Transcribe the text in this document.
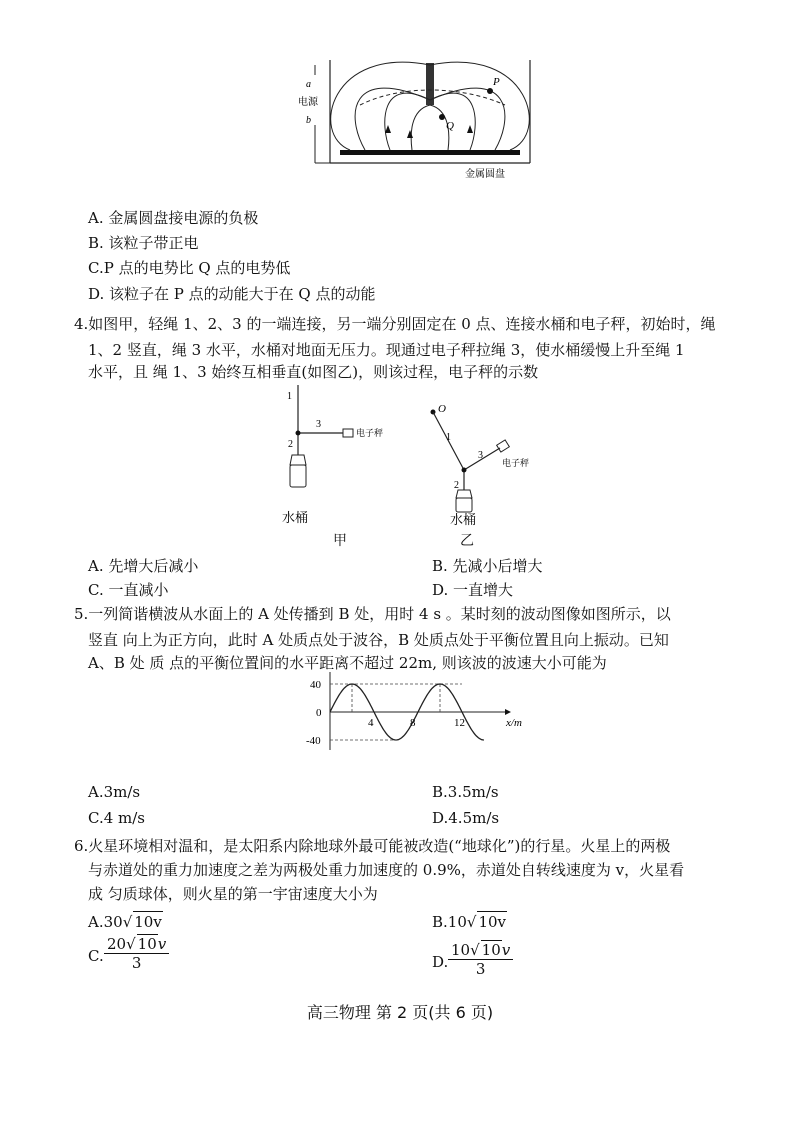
a
电源
b
P
Q
金属圆盘
A. 金属圆盘接电源的负极
B. 该粒子带正电
C.P 点的电势比 Q 点的电势低
D. 该粒子在 P 点的动能大于在 Q 点的动能
4.如图甲，轻绳 1、2、3 的一端连接，另一端分别固定在 0 点、连接水桶和电子秤，初始时，绳
1、2 竖直，绳 3 水平，水桶对地面无压力。现通过电子秤拉绳 3，使水桶缓慢上升至绳 1
水平，且 绳 1、3 始终互相垂直(如图乙)，则该过程，电子秤的示数
1
2
3
电子秤
水桶
甲
O
1
2
3
电子秤
水桶
乙
A. 先增大后减小	B. 先减小后增大
C. 一直减小	D. 一直增大
5.一列简谐横波从水面上的 A 处传播到 B 处，用时 4 s 。某时刻的波动图像如图所示，以
竖直 向上为正方向，此时 A 处质点处于波谷，B 处质点处于平衡位置且向上振动。已知
A、B 处 质 点的平衡位置间的水平距离不超过 22m, 则该波的波速大小可能为
40
0
-40
4	8	12	x/m
A.3m/s	B.3.5m/s
C.4 m/s	D.4.5m/s
6.火星环境相对温和，是太阳系内除地球外最可能被改造(“地球化”)的行星。火星上的两极
与赤道处的重力加速度之差为两极处重力加速度的 0.9%，赤道处自转线速度为 v，火星看
成 匀质球体，则火星的第一宇宙速度大小为
A.30√ 10v	B.10√ 10v
C. $\frac{20√ 10v}{3}$	D. $\frac{10√ 10v}{3}$
高三物理 第 2 页(共 6 页)
